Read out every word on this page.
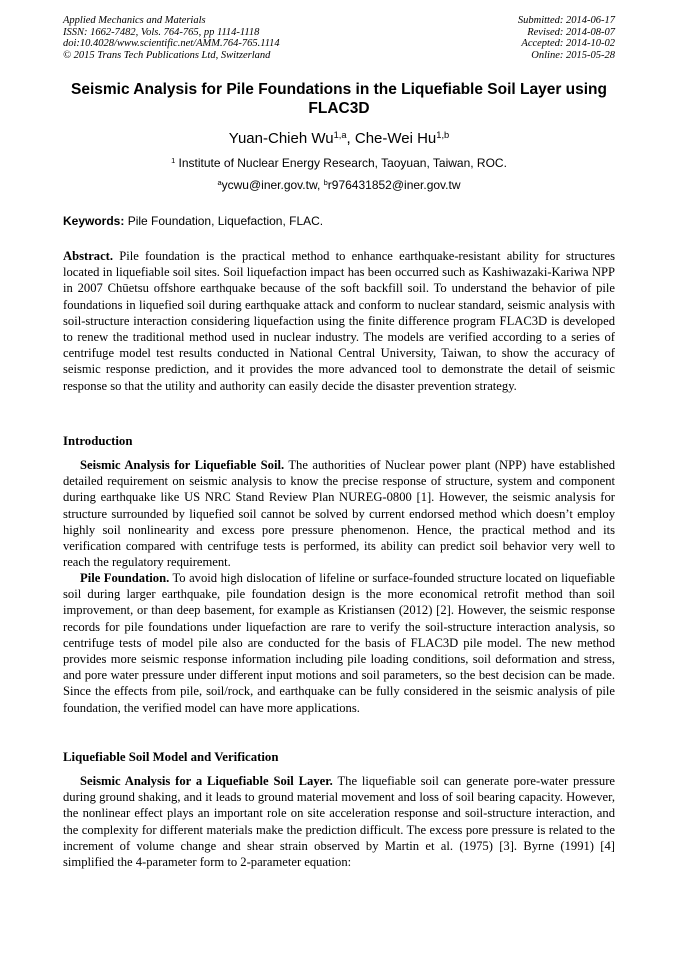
Applied Mechanics and Materials
ISSN: 1662-7482, Vols. 764-765, pp 1114-1118
doi:10.4028/www.scientific.net/AMM.764-765.1114
© 2015 Trans Tech Publications Ltd, Switzerland
Submitted: 2014-06-17
Revised: 2014-08-07
Accepted: 2014-10-02
Online: 2015-05-28
Seismic Analysis for Pile Foundations in the Liquefiable Soil Layer using
FLAC3D
Yuan-Chieh Wu$^{1,a}$, Che-Wei Hu$^{1,b}$
$^1$ Institute of Nuclear Energy Research, Taoyuan, Taiwan, ROC.
$^a$ycwu@iner.gov.tw, $^b$r976431852@iner.gov.tw
Keywords: Pile Foundation, Liquefaction, FLAC.
Abstract. Pile foundation is the practical method to enhance earthquake-resistant ability for structures located in liquefiable soil sites. Soil liquefaction impact has been occurred such as Kashiwazaki-Kariwa NPP in 2007 Chūetsu offshore earthquake because of the soft backfill soil. To understand the behavior of pile foundations in liquefied soil during earthquake attack and conform to nuclear standard, seismic analysis with soil-structure interaction considering liquefaction using the finite difference program FLAC3D is developed to renew the traditional method used in nuclear industry. The models are verified according to a series of centrifuge model test results conducted in National Central University, Taiwan, to show the accuracy of seismic response prediction, and it provides the more advanced tool to demonstrate the detail of seismic response so that the utility and authority can easily decide the disaster prevention strategy.
Introduction
Seismic Analysis for Liquefiable Soil. The authorities of Nuclear power plant (NPP) have established detailed requirement on seismic analysis to know the precise response of structure, system and component during earthquake like US NRC Stand Review Plan NUREG-0800 [1]. However, the seismic analysis for structure surrounded by liquefied soil cannot be solved by current endorsed method which doesn’t employ highly soil nonlinearity and excess pore pressure phenomenon. Hence, the practical method and its verification compared with centrifuge tests is performed, its ability can predict soil behavior very well to reach the regulatory requirement.
Pile Foundation. To avoid high dislocation of lifeline or surface-founded structure located on liquefiable soil during larger earthquake, pile foundation design is the more economical retrofit method than soil improvement, or than deep basement, for example as Kristiansen (2012) [2]. However, the seismic response records for pile foundations under liquefaction are rare to verify the soil-structure interaction analysis, so centrifuge tests of model pile also are conducted for the basis of FLAC3D pile model. The new method provides more seismic response information including pile loading conditions, soil deformation and stress, and pore water pressure under different input motions and soil parameters, so the best decision can be made. Since the effects from pile, soil/rock, and earthquake can be fully considered in the seismic analysis of pile foundation, the verified model can have more applications.
Liquefiable Soil Model and Verification
Seismic Analysis for a Liquefiable Soil Layer. The liquefiable soil can generate pore-water pressure during ground shaking, and it leads to ground material movement and loss of soil bearing capacity. However, the nonlinear effect plays an important role on site acceleration response and soil-structure interaction, and the complexity for different materials make the prediction difficult. The excess pore pressure is related to the increment of volume change and shear strain observed by Martin et al. (1975) [3]. Byrne (1991) [4] simplified the 4-parameter form to 2-parameter equation:
